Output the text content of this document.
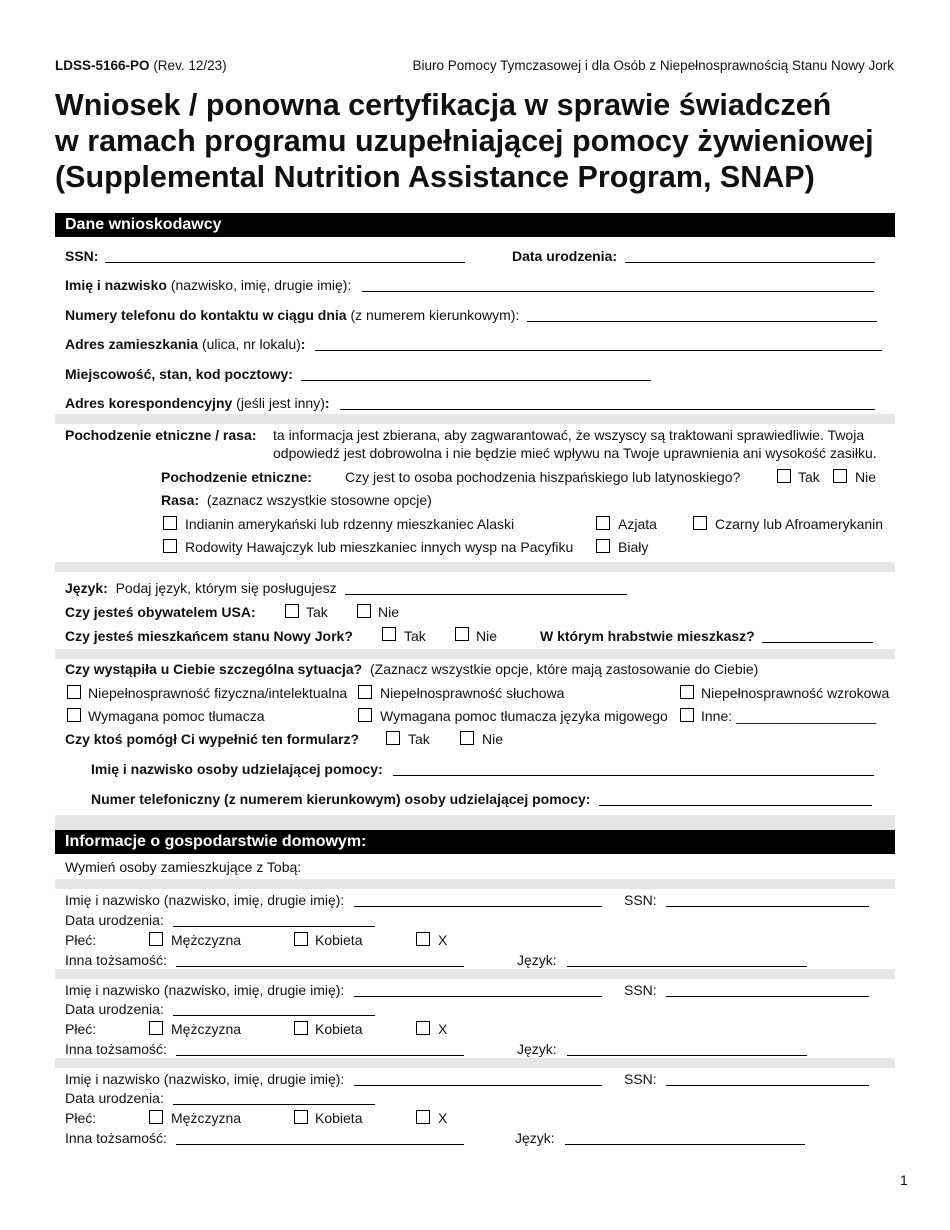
LDSS-5166-PO (Rev. 12/23)	Biuro Pomocy Tymczasowej i dla Osób z Niepełnosprawnością Stanu Nowy Jork
Wniosek / ponowna certyfikacja w sprawie świadczeń
w ramach programu uzupełniającej pomocy żywieniowej
(Supplemental Nutrition Assistance Program, SNAP)
Dane wnioskodawcy
SSN:	Data urodzenia:
Imię i nazwisko (nazwisko, imię, drugie imię):
Numery telefonu do kontaktu w ciągu dnia (z numerem kierunkowym):
Adres zamieszkania (ulica, nr lokalu):
Miejscowość, stan, kod pocztowy:
Adres korespondencyjny (jeśli jest inny):
Pochodzenie etniczne / rasa: ta informacja jest zbierana, aby zagwarantować, że wszyscy są traktowani sprawiedliwie. Twoja
odpowiedź jest dobrowolna i nie będzie mieć wpływu na Twoje uprawnienia ani wysokość zasiłku.
Pochodzenie etniczne: Czy jest to osoba pochodzenia hiszpańskiego lub latynoskiego?	Tak	Nie
Rasa: (zaznacz wszystkie stosowne opcje)
Indianin amerykański lub rdzenny mieszkaniec Alaski	Azjata	Czarny lub Afroamerykanin
Rodowity Hawajczyk lub mieszkaniec innych wysp na Pacyfiku	Biały
Język: Podaj język, którym się posługujesz
Czy jesteś obywatelem USA:	Tak	Nie
Czy jesteś mieszkańcem stanu Nowy Jork?	Tak	Nie	W którym hrabstwie mieszkasz?
Czy wystąpiła u Ciebie szczególna sytuacja? (Zaznacz wszystkie opcje, które mają zastosowanie do Ciebie)
Niepełnosprawność fizyczna/intelektualna Niepełnosprawność słuchowa	Niepełnosprawność wzrokowa
Wymagana pomoc tłumacza	Wymagana pomoc tłumacza języka migowego Inne: __________________
Czy ktoś pomógł Ci wypełnić ten formularz?	Tak	Nie
Imię i nazwisko osoby udzielającej pomocy:
Numer telefoniczny (z numerem kierunkowym) osoby udzielającej pomocy:
Informacje o gospodarstwie domowym:
Wymień osoby zamieszkujące z Tobą:
Imię i nazwisko (nazwisko, imię, drugie imię):	SSN:
Data urodzenia:
Płeć:	Mężczyzna	Kobieta	X
Inna tożsamość:	Język:
Imię i nazwisko (nazwisko, imię, drugie imię):	SSN:
Data urodzenia:
Płeć:	Mężczyzna	Kobieta	X
Inna tożsamość:	Język:
Imię i nazwisko (nazwisko, imię, drugie imię):	SSN:
Data urodzenia:
Płeć:	Mężczyzna	Kobieta	X
Inna tożsamość:	Język:
1
